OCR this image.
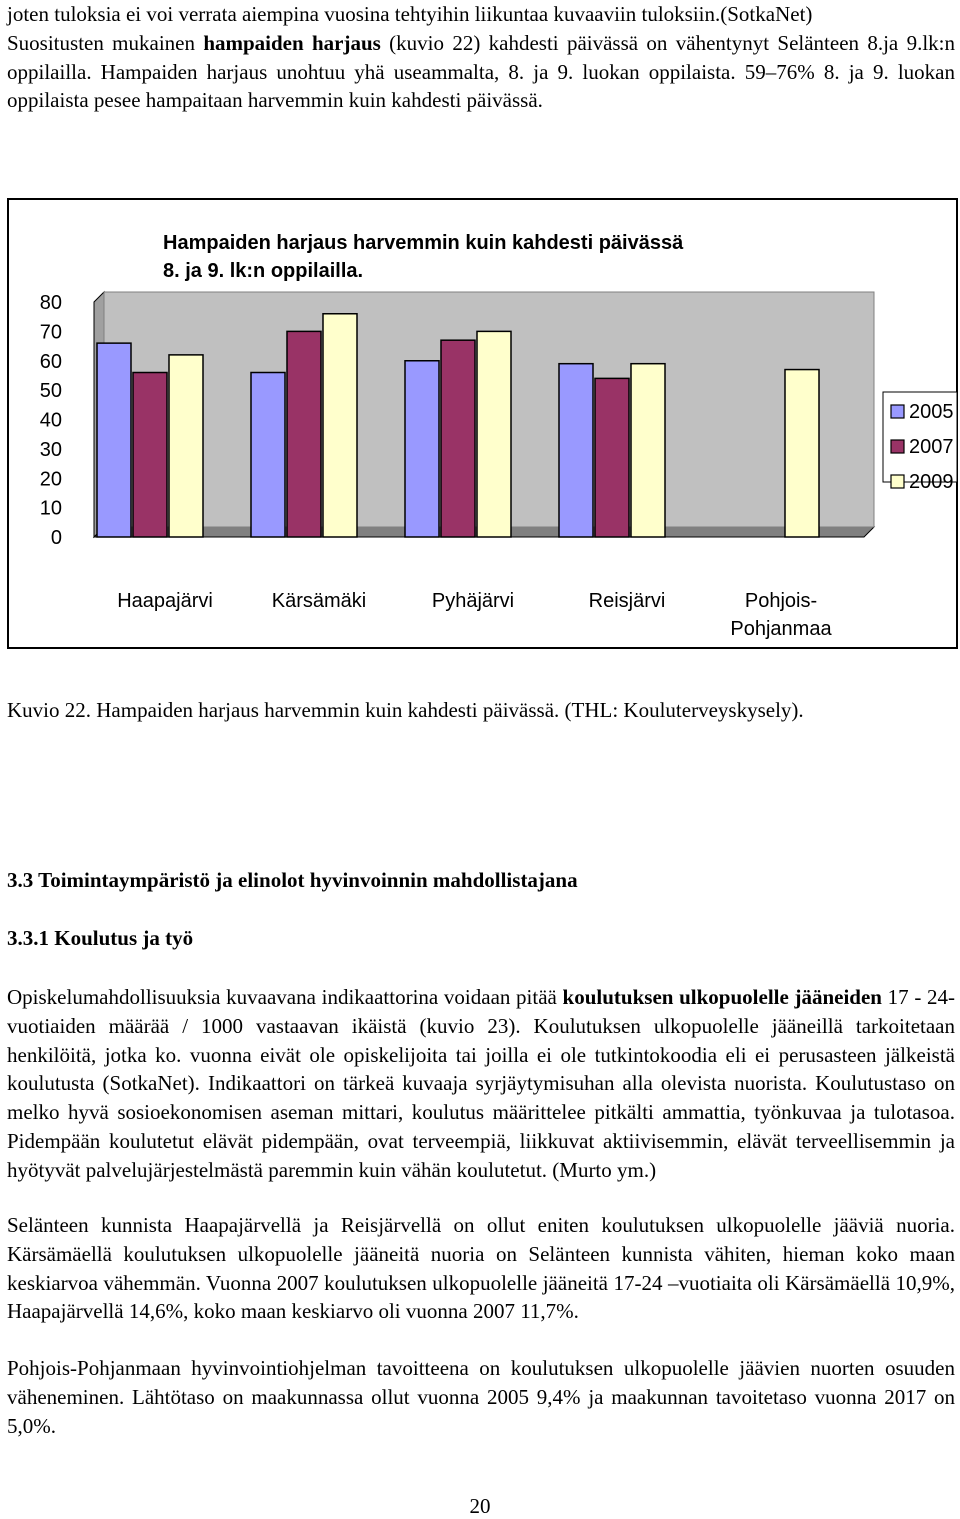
joten tuloksia ei voi verrata aiempina vuosina tehtyihin liikuntaa kuvaaviin tuloksiin.(SotkaNet)
Suositusten mukainen hampaiden harjaus (kuvio 22) kahdesti päivässä on vähentynyt Selänteen 8.ja 9.lk:n oppilailla. Hampaiden harjaus unohtuu yhä useammalta, 8. ja 9. luokan oppilaista. 59–76% 8. ja 9. luokan oppilaista pesee hampaitaan harvemmin kuin kahdesti päivässä.
Hampaiden harjaus harvemmin kuin kahdesti päivässä
8. ja 9. lk:n oppilailla.
80
70
60
50
40
30
20
10
0
Haapajärvi	Kärsämäki	Pyhäjärvi	Reisjärvi	Pohjois-
Pohjanmaa
2005
2007
2009
Kuvio 22. Hampaiden harjaus harvemmin kuin kahdesti päivässä. (THL: Kouluterveyskysely).
3.3 Toimintaympäristö ja elinolot hyvinvoinnin mahdollistajana
3.3.1 Koulutus ja työ
Opiskelumahdollisuuksia kuvaavana indikaattorina voidaan pitää koulutuksen ulkopuolelle jääneiden 17 - 24-vuotiaiden määrää / 1000 vastaavan ikäistä (kuvio 23). Koulutuksen ulkopuolelle jääneillä tarkoitetaan henkilöitä, jotka ko. vuonna eivät ole opiskelijoita tai joilla ei ole tutkintokoodia eli ei perusasteen jälkeistä koulutusta (SotkaNet). Indikaattori on tärkeä kuvaaja syrjäytymisuhan alla olevista nuorista. Koulutustaso on melko hyvä sosioekonomisen aseman mittari, koulutus määrittelee pitkälti ammattia, työnkuvaa ja tulotasoa. Pidempään koulutetut elävät pidempään, ovat terveempiä, liikkuvat aktiivisemmin, elävät terveellisemmin ja hyötyvät palvelujärjestelmästä paremmin kuin vähän koulutetut. (Murto ym.)
Selänteen kunnista Haapajärvellä ja Reisjärvellä on ollut eniten koulutuksen ulkopuolelle jääviä nuoria. Kärsämäellä koulutuksen ulkopuolelle jääneitä nuoria on Selänteen kunnista vähiten, hieman koko maan keskiarvoa vähemmän. Vuonna 2007 koulutuksen ulkopuolelle jääneitä 17-24 –vuotiaita oli Kärsämäellä 10,9%, Haapajärvellä 14,6%, koko maan keskiarvo oli vuonna 2007 11,7%.
Pohjois-Pohjanmaan hyvinvointiohjelman tavoitteena on koulutuksen ulkopuolelle jäävien nuorten osuuden väheneminen. Lähtötaso on maakunnassa ollut vuonna 2005 9,4% ja maakunnan tavoitetaso vuonna 2017 on 5,0%.
20
